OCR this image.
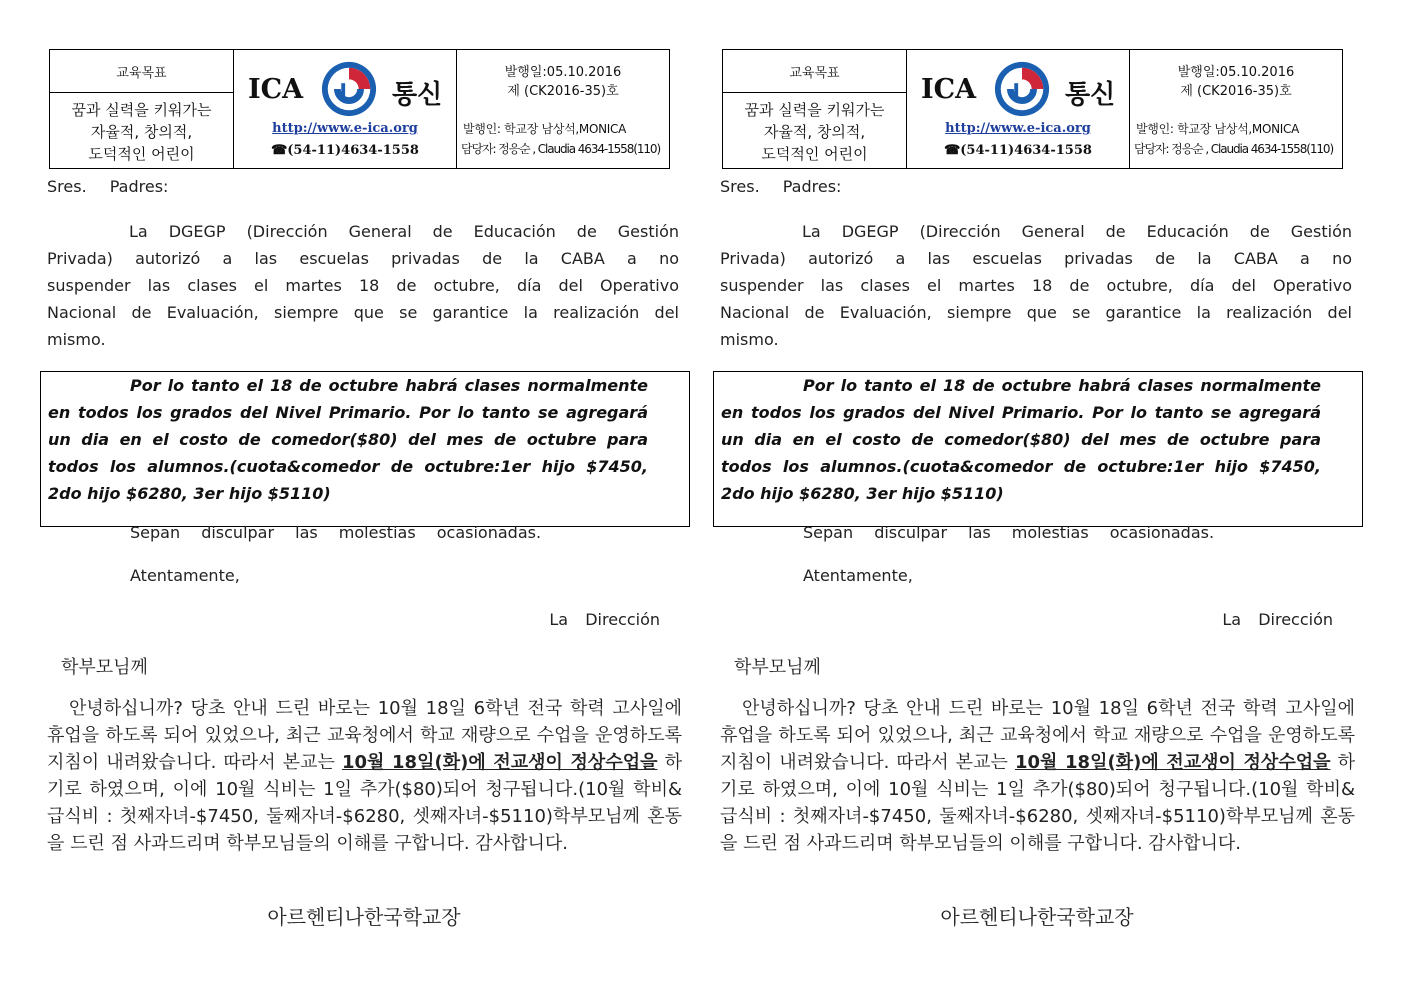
교육목표
꿈과 실력을 키워가는
자율적, 창의적,
도덕적인 어린이
ICA	통신
http://www.e-ica.org
☎(54-11)4634-1558
발행일:05.10.2016
제 (CK2016-35)호
발행인: 학교장 남상석,MONICA
담당자: 정응순 , Claudia 4634-1558(110)
Sres. Padres:
La DGEGP (Dirección General de Educación de Gestión Privada) autorizó a las escuelas privadas de la CABA a no suspender las clases el martes 18 de octubre, día del Operativo Nacional de Evaluación, siempre que se garantice la realización del mismo.

Por lo tanto el 18 de octubre habrá clases normalmente en todos los grados del Nivel Primario. Por lo tanto se agregará un dia en el costo de comedor($80) del mes de octubre para todos los alumnos.(cuota&comedor de octubre:1er hijo $7450, 2do hijo $6280, 3er hijo $5110)

Sepan disculpar las molestias ocasionadas.
Atentamente,
La Dirección
학부모님께
안녕하십니까? 당초 안내 드린 바로는 10월 18일 6학년 전국 학력 고사일에 휴업을 하도록 되어 있었으나, 최근 교육청에서 학교 재량으로 수업을 운영하도록 지침이 내려왔습니다. 따라서 본교는 10월 18일(화)에 전교생이 정상수업을 하기로 하였으며, 이에 10월 식비는 1일 추가($80)되어 청구됩니다.(10월 학비&급식비 : 첫째자녀-$7450, 둘째자녀-$6280, 셋째자녀-$5110)학부모님께 혼동을 드린 점 사과드리며 학부모님들의 이해를 구합니다. 감사합니다.
아르헨티나한국학교장
교육목표
꿈과 실력을 키워가는
자율적, 창의적,
도덕적인 어린이
ICA	통신
http://www.e-ica.org
☎(54-11)4634-1558
발행일:05.10.2016
제 (CK2016-35)호
발행인: 학교장 남상석,MONICA
담당자: 정응순 , Claudia 4634-1558(110)
Sres. Padres:
La DGEGP (Dirección General de Educación de Gestión Privada) autorizó a las escuelas privadas de la CABA a no suspender las clases el martes 18 de octubre, día del Operativo Nacional de Evaluación, siempre que se garantice la realización del mismo.

Por lo tanto el 18 de octubre habrá clases normalmente en todos los grados del Nivel Primario. Por lo tanto se agregará un dia en el costo de comedor($80) del mes de octubre para todos los alumnos.(cuota&comedor de octubre:1er hijo $7450, 2do hijo $6280, 3er hijo $5110)

Sepan disculpar las molestias ocasionadas.
Atentamente,
La Dirección
학부모님께
안녕하십니까? 당초 안내 드린 바로는 10월 18일 6학년 전국 학력 고사일에 휴업을 하도록 되어 있었으나, 최근 교육청에서 학교 재량으로 수업을 운영하도록 지침이 내려왔습니다. 따라서 본교는 10월 18일(화)에 전교생이 정상수업을 하기로 하였으며, 이에 10월 식비는 1일 추가($80)되어 청구됩니다.(10월 학비&급식비 : 첫째자녀-$7450, 둘째자녀-$6280, 셋째자녀-$5110)학부모님께 혼동을 드린 점 사과드리며 학부모님들의 이해를 구합니다. 감사합니다.
아르헨티나한국학교장
